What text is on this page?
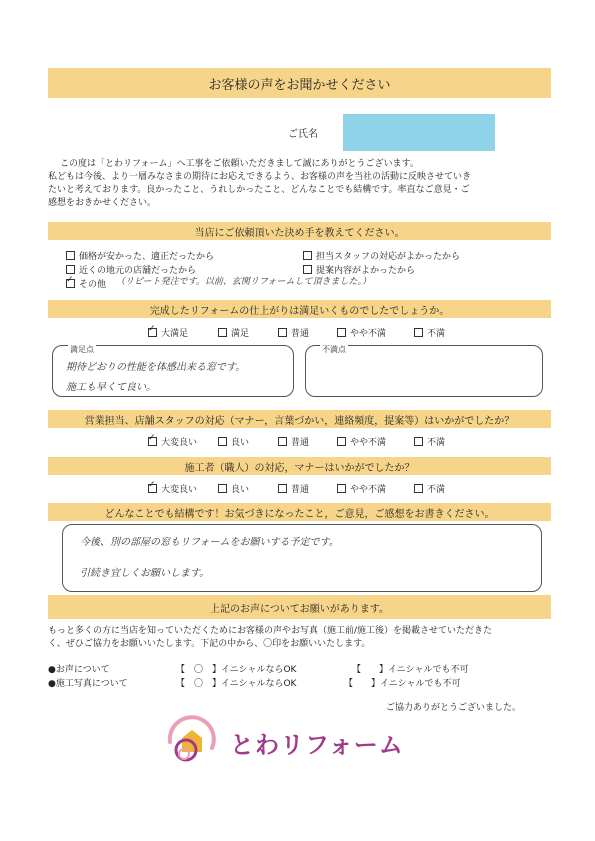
お客様の声をお聞かせください
ご氏名
この度は「とわリフォーム」へ工事をご依頼いただきまして誠にありがとうございます。
私どもは今後、より一層みなさまの期待にお応えできるよう、お客様の声を当社の活動に反映させていき
たいと考えております。良かったこと、うれしかったこと、どんなことでも結構です。率直なご意見・ご
感想をおきかせください。
当店にご依頼頂いた決め手を教えてください。
価格が安かった、適正だったから
近くの地元の店舗だったから
✓その他 （リピート発注です。以前、玄関リフォームして頂きました。）
担当スタッフの対応がよかったから
提案内容がよかったから
完成したリフォームの仕上がりは満足いくものでしたでしょうか。
✓大満足	満足	普通	やや不満	不満
満足点
期待どおりの性能を体感出来る窓です。
施工も早くて良い。
不満点
営業担当、店舗スタッフの対応（マナー，言葉づかい，連絡頻度，提案等）はいかがでしたか？
✓大変良い	良い	普通	やや不満	不満
施工者（職人）の対応，マナーはいかがでしたか？
✓大変良い	良い	普通	やや不満	不満
どんなことでも結構です！お気づきになったこと，ご意見，ご感想をお書きください。
今後、別の部屋の窓もリフォームをお願いする予定です。
引続き宜しくお願いします。
上記のお声についてお願いがあります。
もっと多くの方に当店を知っていただくためにお客様の声やお写真（施工前/施工後）を掲載させていただきた
く、ぜひご協力をお願いいたします。下記の中から、〇印をお願いいたします。
●お声について	【　〇　】イニシャルならOK	【　　】イニシャルでも不可
●施工写真について	【　〇　】イニシャルならOK	【　　】イニシャルでも不可
ご協力ありがとうございました。
とわリフォーム
